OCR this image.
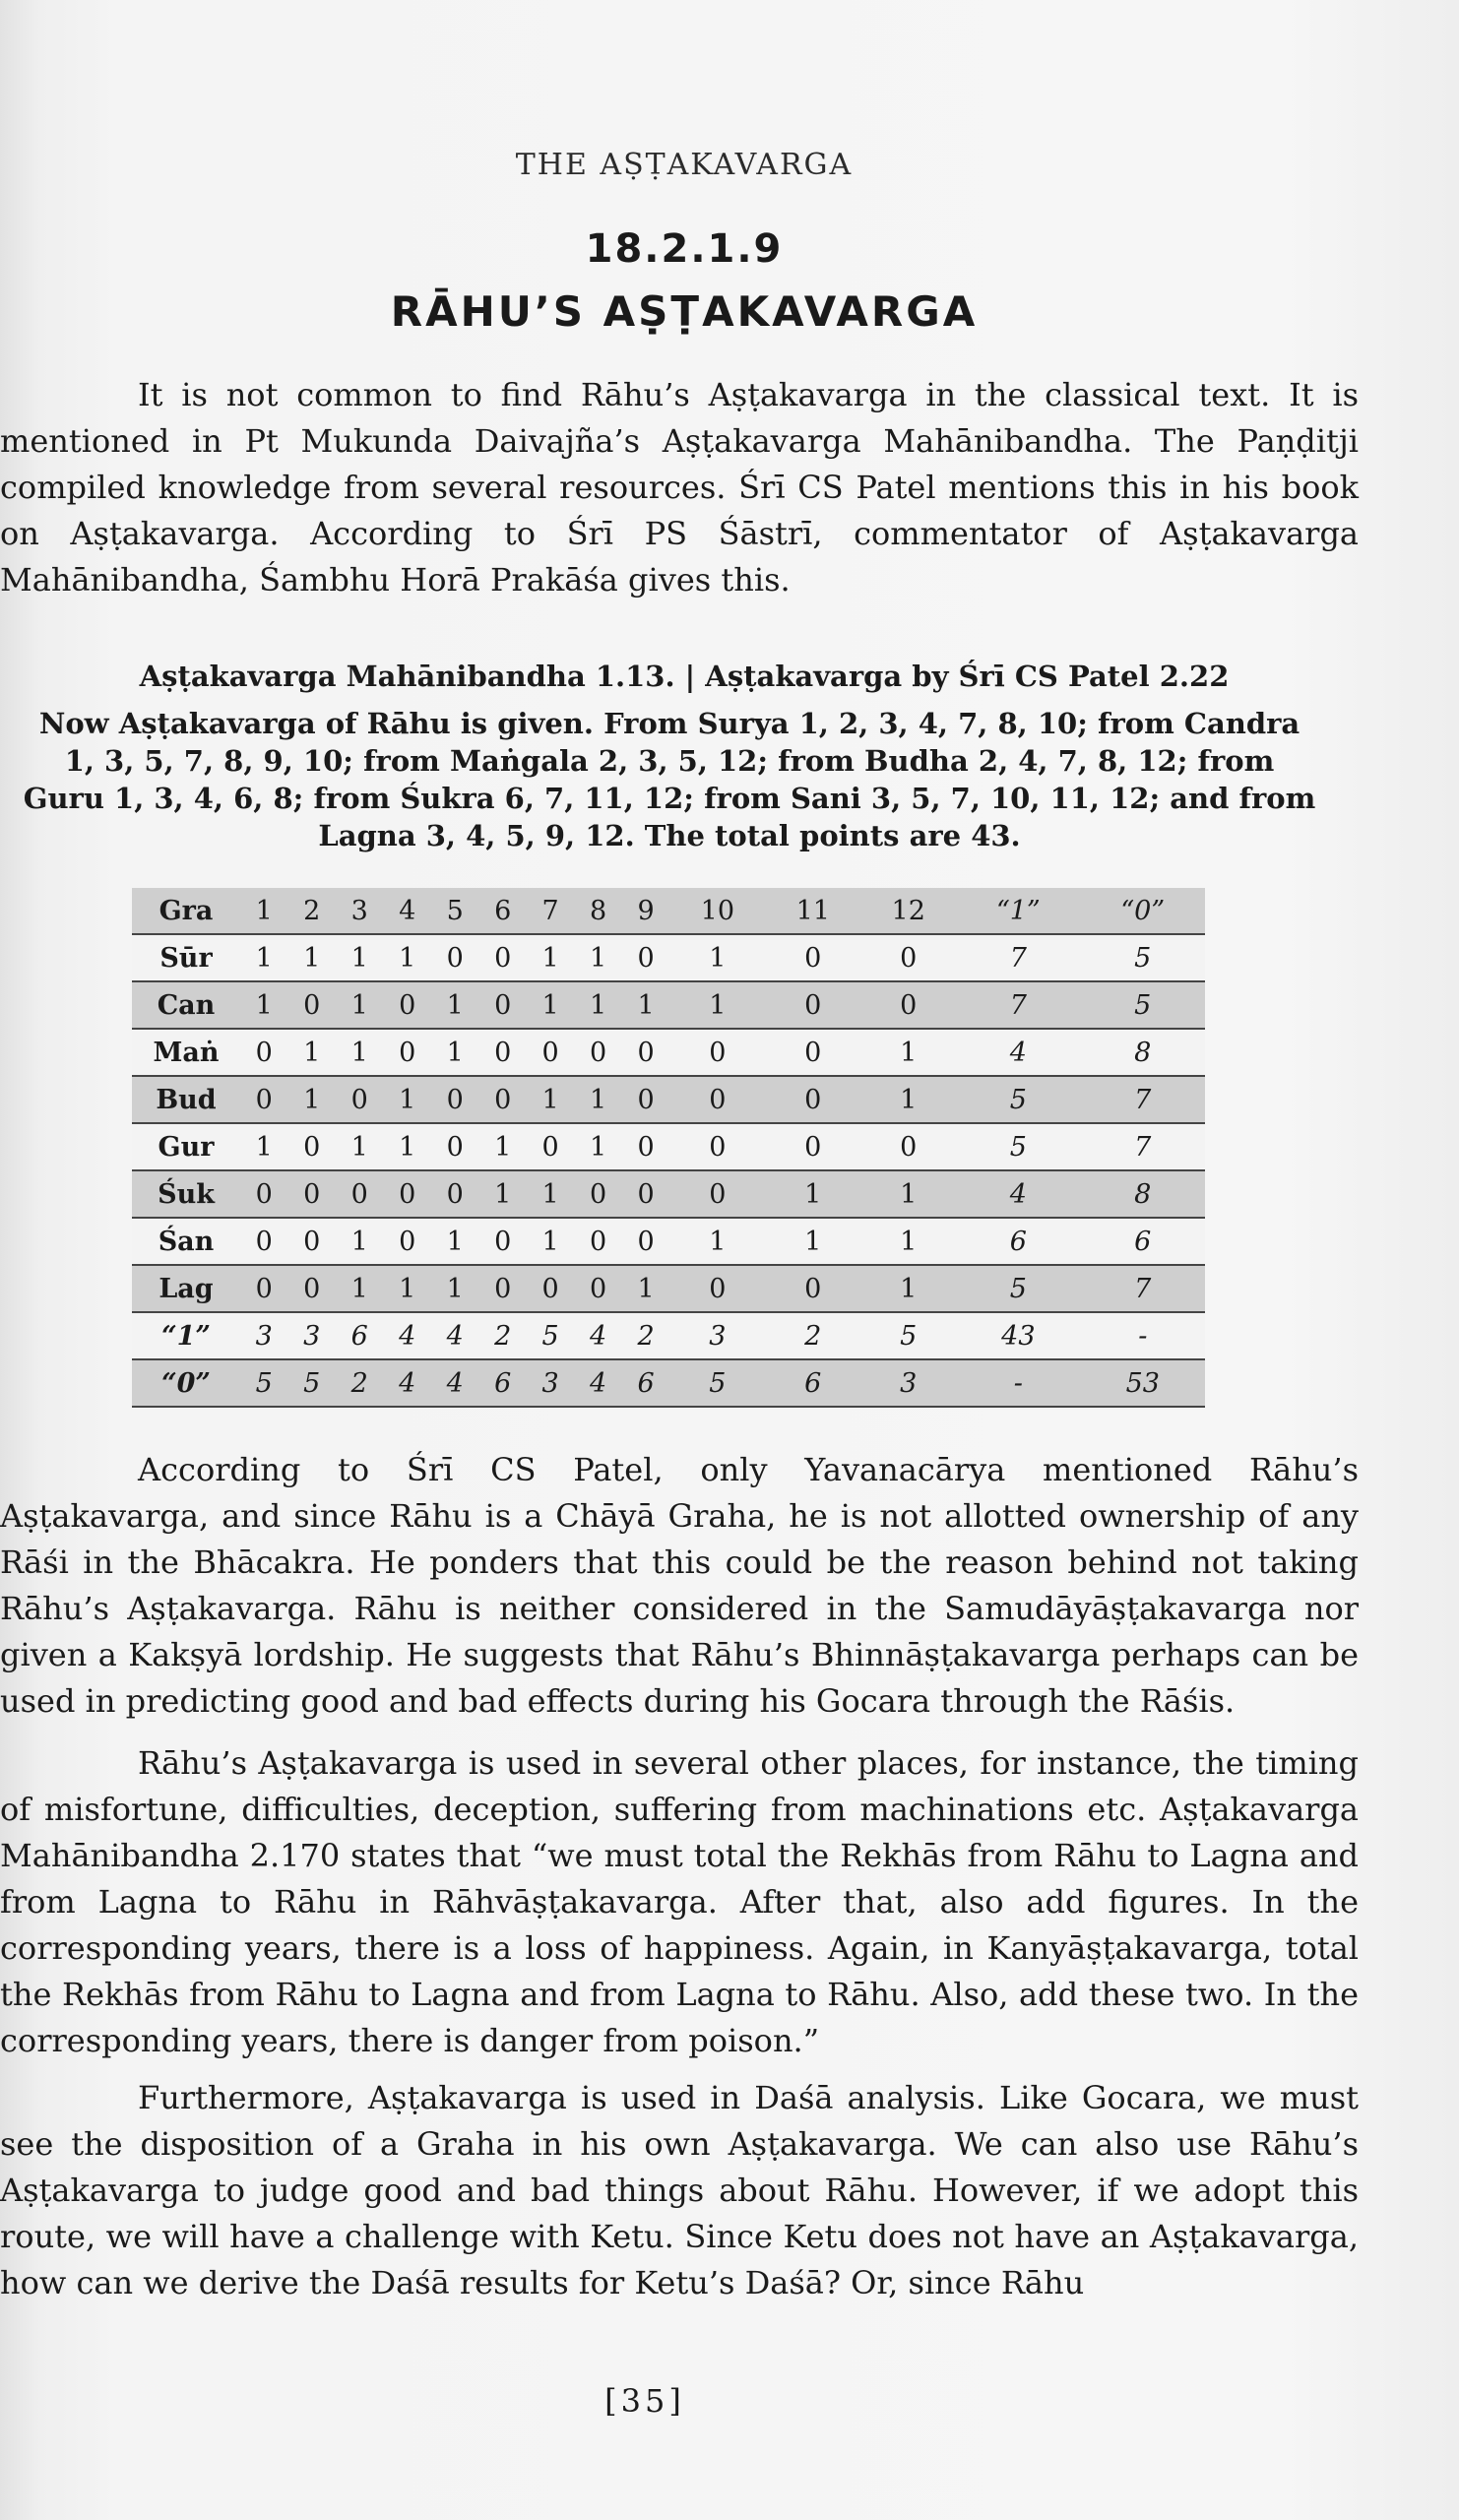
THE AṢṬAKAVARGA
18.2.1.9
RĀHU’S AṢṬAKAVARGA

It is not common to find Rāhu’s Aṣṭakavarga in the classical text. It is mentioned in Pt Mukunda Daivajña’s Aṣṭakavarga Mahānibandha. The Paṇḍitji compiled knowledge from several resources. Śrī CS Patel mentions this in his book on Aṣṭakavarga. According to Śrī PS Śāstrī, commentator of Aṣṭakavarga Mahānibandha, Śambhu Horā Prakāśa gives this.

Aṣṭakavarga Mahānibandha 1.13. | Aṣṭakavarga by Śrī CS Patel 2.22

Now Aṣṭakavarga of Rāhu is given. From Surya 1, 2, 3, 4, 7, 8, 10; from Candra 1, 3, 5, 7, 8, 9, 10; from Maṅgala 2, 3, 5, 12; from Budha 2, 4, 7, 8, 12; from Guru 1, 3, 4, 6, 8; from Śukra 6, 7, 11, 12; from Sani 3, 5, 7, 10, 11, 12; and from Lagna 3, 4, 5, 9, 12. The total points are 43.

Gra	1	2	3	4	5	6	7	8	9	10	11	12	“1”	“0”
Sūr	1	1	1	1	0	0	1	1	0	1	0	0	7	5
Can	1	0	1	0	1	0	1	1	1	1	0	0	7	5
Maṅ	0	1	1	0	1	0	0	0	0	0	0	1	4	8
Bud	0	1	0	1	0	0	1	1	0	0	0	1	5	7
Gur	1	0	1	1	0	1	0	1	0	0	0	0	5	7
Śuk	0	0	0	0	0	1	1	0	0	0	1	1	4	8
Śan	0	0	1	0	1	0	1	0	0	1	1	1	6	6
Lag	0	0	1	1	1	0	0	0	1	0	0	1	5	7
“1”	3	3	6	4	4	2	5	4	2	3	2	5	43	-
“0”	5	5	2	4	4	6	3	4	6	5	6	3	-	53

According to Śrī CS Patel, only Yavanacārya mentioned Rāhu’s Aṣṭakavarga, and since Rāhu is a Chāyā Graha, he is not allotted ownership of any Rāśi in the Bhācakra. He ponders that this could be the reason behind not taking Rāhu’s Aṣṭakavarga. Rāhu is neither considered in the Samudāyāṣṭakavarga nor given a Kakṣyā lordship. He suggests that Rāhu’s Bhinnāṣṭakavarga perhaps can be used in predicting good and bad effects during his Gocara through the Rāśis.

Rāhu’s Aṣṭakavarga is used in several other places, for instance, the timing of misfortune, difficulties, deception, suffering from machinations etc. Aṣṭakavarga Mahānibandha 2.170 states that “we must total the Rekhās from Rāhu to Lagna and from Lagna to Rāhu in Rāhvāṣṭakavarga. After that, also add figures. In the corresponding years, there is a loss of happiness. Again, in Kanyāṣṭakavarga, total the Rekhās from Rāhu to Lagna and from Lagna to Rāhu. Also, add these two. In the corresponding years, there is danger from poison.”

Furthermore, Aṣṭakavarga is used in Daśā analysis. Like Gocara, we must see the disposition of a Graha in his own Aṣṭakavarga. We can also use Rāhu’s Aṣṭakavarga to judge good and bad things about Rāhu. However, if we adopt this route, we will have a challenge with Ketu. Since Ketu does not have an Aṣṭakavarga, how can we derive the Daśā results for Ketu’s Daśā? Or, since Rāhu

[35]
